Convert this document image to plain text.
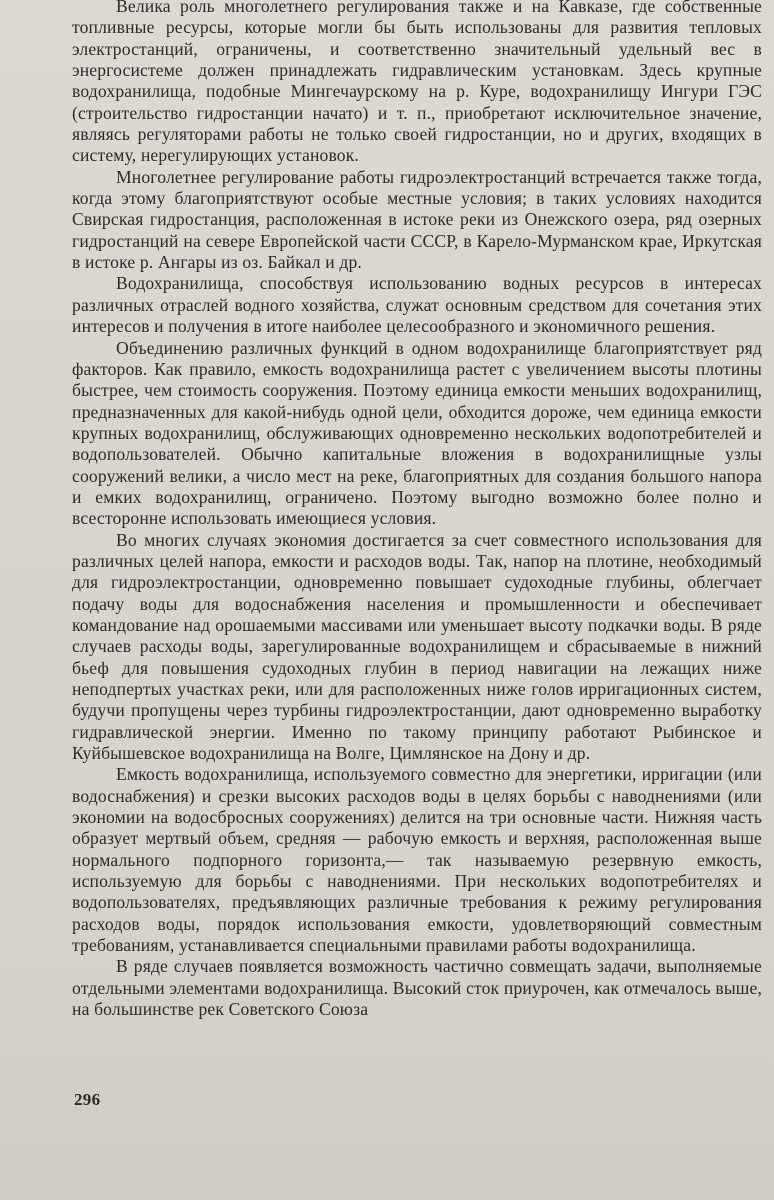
Велика роль многолетнего регулирования также и на Кавказе, где собственные топливные ресурсы, которые могли бы быть использованы для развития тепловых электростанций, ограничены, и соответственно значительный удельный вес в энергосистеме должен принадлежать гидравлическим установкам. Здесь крупные водохранилища, подобные Мингечаурскому на р. Куре, водохранилищу Ингури ГЭС (строительство гидростанции начато) и т. п., приобретают исключительное значение, являясь регуляторами работы не только своей гидростанции, но и других, входящих в систему, нерегулирующих установок.

Многолетнее регулирование работы гидроэлектростанций встречается также тогда, когда этому благоприятствуют особые местные условия; в таких условиях находится Свирская гидростанция, расположенная в истоке реки из Онежского озера, ряд озерных гидростанций на севере Европейской части СССР, в Карело-Мурманском крае, Иркутская в истоке р. Ангары из оз. Байкал и др.

Водохранилища, способствуя использованию водных ресурсов в интересах различных отраслей водного хозяйства, служат основным средством для сочетания этих интересов и получения в итоге наиболее целесообразного и экономичного решения.

Объединению различных функций в одном водохранилище благоприятствует ряд факторов. Как правило, емкость водохранилища растет с увеличением высоты плотины быстрее, чем стоимость сооружения. Поэтому единица емкости меньших водохранилищ, предназначенных для какой-нибудь одной цели, обходится дороже, чем единица емкости крупных водохранилищ, обслуживающих одновременно нескольких водопотребителей и водопользователей. Обычно капитальные вложения в водохранилищные узлы сооружений велики, а число мест на реке, благоприятных для создания большого напора и емких водохранилищ, ограничено. Поэтому выгодно возможно более полно и всесторонне использовать имеющиеся условия.

Во многих случаях экономия достигается за счет совместного использования для различных целей напора, емкости и расходов воды. Так, напор на плотине, необходимый для гидроэлектростанции, одновременно повышает судоходные глубины, облегчает подачу воды для водоснабжения населения и промышленности и обеспечивает командование над орошаемыми массивами или уменьшает высоту подкачки воды. В ряде случаев расходы воды, зарегулированные водохранилищем и сбрасываемые в нижний бьеф для повышения судоходных глубин в период навигации на лежащих ниже неподпертых участках реки, или для расположенных ниже голов ирригационных систем, будучи пропущены через турбины гидроэлектростанции, дают одновременно выработку гидравлической энергии. Именно по такому принципу работают Рыбинское и Куйбышевское водохранилища на Волге, Цимлянское на Дону и др.

Емкость водохранилища, используемого совместно для энергетики, ирригации (или водоснабжения) и срезки высоких расходов воды в целях борьбы с наводнениями (или экономии на водосбросных сооружениях) делится на три основные части. Нижняя часть образует мертвый объем, средняя — рабочую емкость и верхняя, расположенная выше нормального подпорного горизонта,— так называемую резервную емкость, используемую для борьбы с наводнениями. При нескольких водопотребителях и водопользователях, предъявляющих различные требования к режиму регулирования расходов воды, порядок использования емкости, удовлетворяющий совместным требованиям, устанавливается специальными правилами работы водохранилища.

В ряде случаев появляется возможность частично совмещать задачи, выполняемые отдельными элементами водохранилища. Высокий сток приурочен, как отмечалось выше, на большинстве рек Советского Союза

296
